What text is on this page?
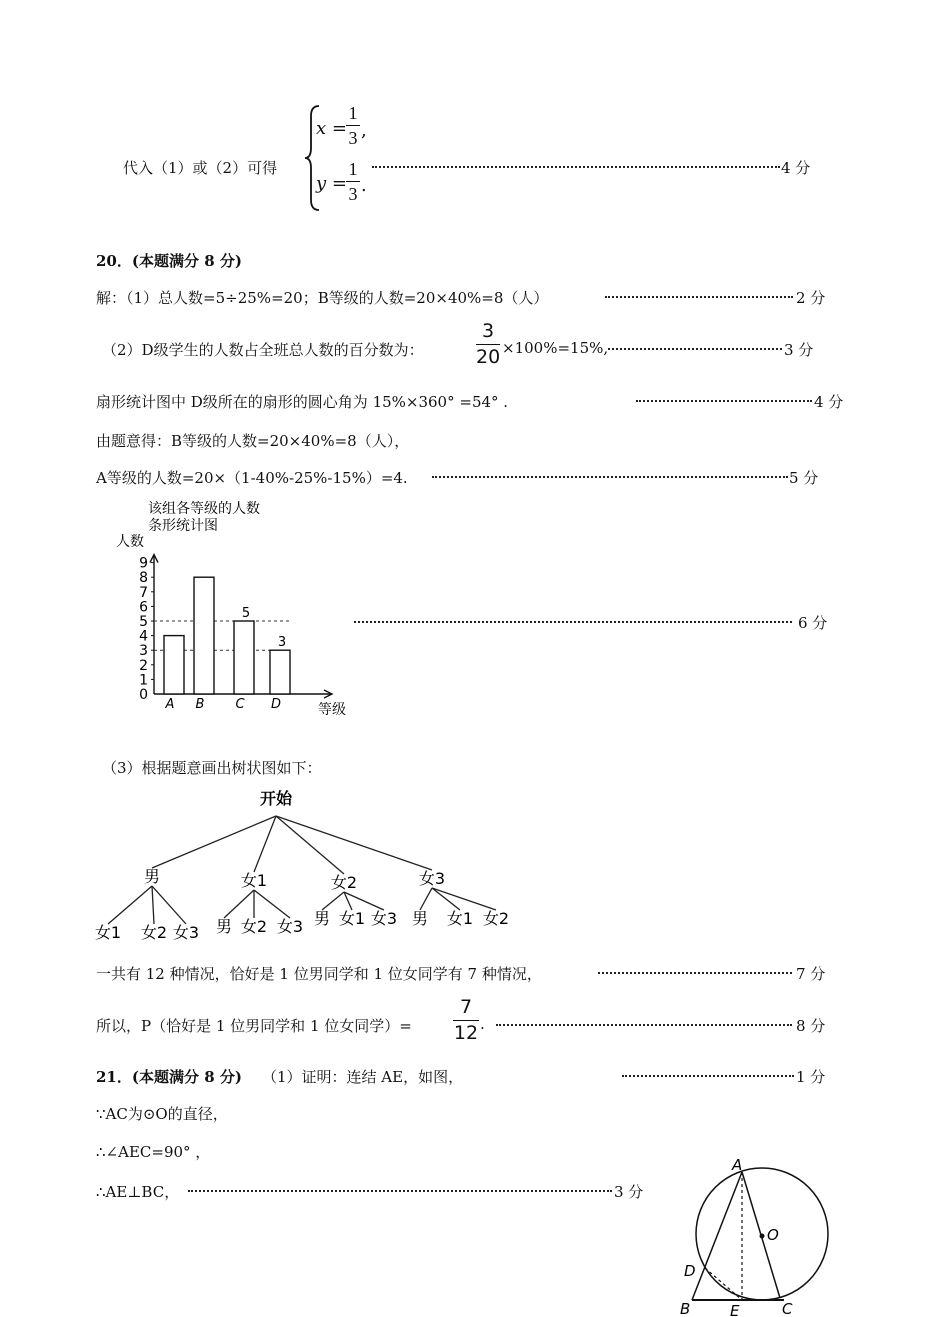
代入（1）或（2）可得
x =
1
3 ,
y =
1
3 .
4 分
20．(本题满分 8 分)
解：（1）总人数=5÷25%=20；B等级的人数=20×40%=8（人）	2 分
（2）D级学生的人数占全班总人数的百分数为：
3
20 ×100%=15%,	3 分
扇形统计图中 D级所在的扇形的圆心角为 15%×360° =54° .	4 分
由题意得：B等级的人数=20×40%=8（人），
A等级的人数=20×（1-40%-25%-15%）=4.	5 分
该组各等级的人数
条形统计图
人数
等级
0
1
2
3
4
5
6
7
8
9
A B C
5
D
3
6 分
（3）根据题意画出树状图如下：
开始
男
女1 女2 女3
女1
男 女2 女3
女2
男 女1 女3
女3
男 女1 女2
一共有 12 种情况，恰好是 1 位男同学和 1 位女同学有 7 种情况，	7 分
所以，P（恰好是 1 位男同学和 1 位女同学）=
7
12 .	8 分
21．(本题满分 8 分) （1）证明：连结 AE，如图，	1 分
∵AC为⊙O的直径，
∴∠AEC=90° ，
∴AE⊥BC，	3 分
A
O
D
B	E	C
